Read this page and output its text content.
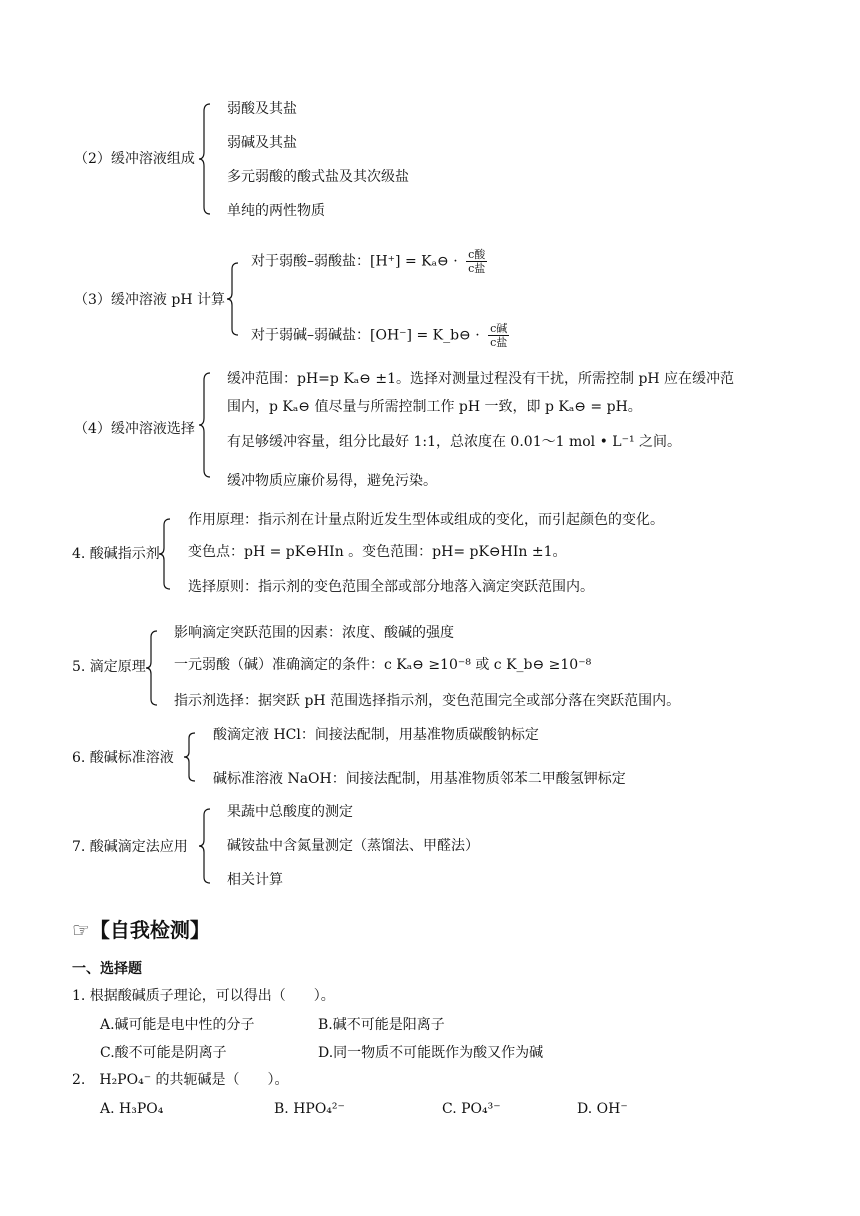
（2）缓冲溶液组成
弱酸及其盐
弱碱及其盐
多元弱酸的酸式盐及其次级盐
单纯的两性物质
（3）缓冲溶液 pH 计算
对于弱酸–弱酸盐：[H⁺] = Kₐ⊖ · $\frac{\text{c酸}}{\text{c盐}}$
对于弱碱–弱碱盐：[OH⁻] = K_b⊖ · $\frac{\text{c碱}}{\text{c盐}}$
（4）缓冲溶液选择
缓冲范围：pH=p Kₐ⊖ ±1。选择对测量过程没有干扰，所需控制 pH 应在缓冲范
围内，p Kₐ⊖ 值尽量与所需控制工作 pH 一致，即 p Kₐ⊖ = pH。
有足够缓冲容量，组分比最好 1:1，总浓度在 0.01～1 mol • L⁻¹ 之间。
缓冲物质应廉价易得，避免污染。
4. 酸碱指示剂
作用原理：指示剂在计量点附近发生型体或组成的变化，而引起颜色的变化。
变色点：pH = pK⊖HIn 。变色范围：pH= pK⊖HIn ±1。
选择原则：指示剂的变色范围全部或部分地落入滴定突跃范围内。
5. 滴定原理
影响滴定突跃范围的因素：浓度、酸碱的强度
一元弱酸（碱）准确滴定的条件：c Kₐ⊖ ≥10⁻⁸ 或 c K_b⊖ ≥10⁻⁸
指示剂选择：据突跃 pH 范围选择指示剂，变色范围完全或部分落在突跃范围内。
6. 酸碱标准溶液
酸滴定液 HCl：间接法配制，用基准物质碳酸钠标定
碱标准溶液 NaOH：间接法配制，用基准物质邻苯二甲酸氢钾标定
7. 酸碱滴定法应用
果蔬中总酸度的测定
碱铵盐中含氮量测定（蒸馏法、甲醛法）
相关计算
☞【自我检测】
一、选择题
1. 根据酸碱质子理论，可以得出（　　）。
A.碱可能是电中性的分子	B.碱不可能是阳离子
C.酸不可能是阴离子	D.同一物质不可能既作为酸又作为碱
2.　H₂PO₄⁻ 的共轭碱是（　　）。
A. H₃PO₄	B. HPO₄²⁻	C. PO₄³⁻	D. OH⁻
